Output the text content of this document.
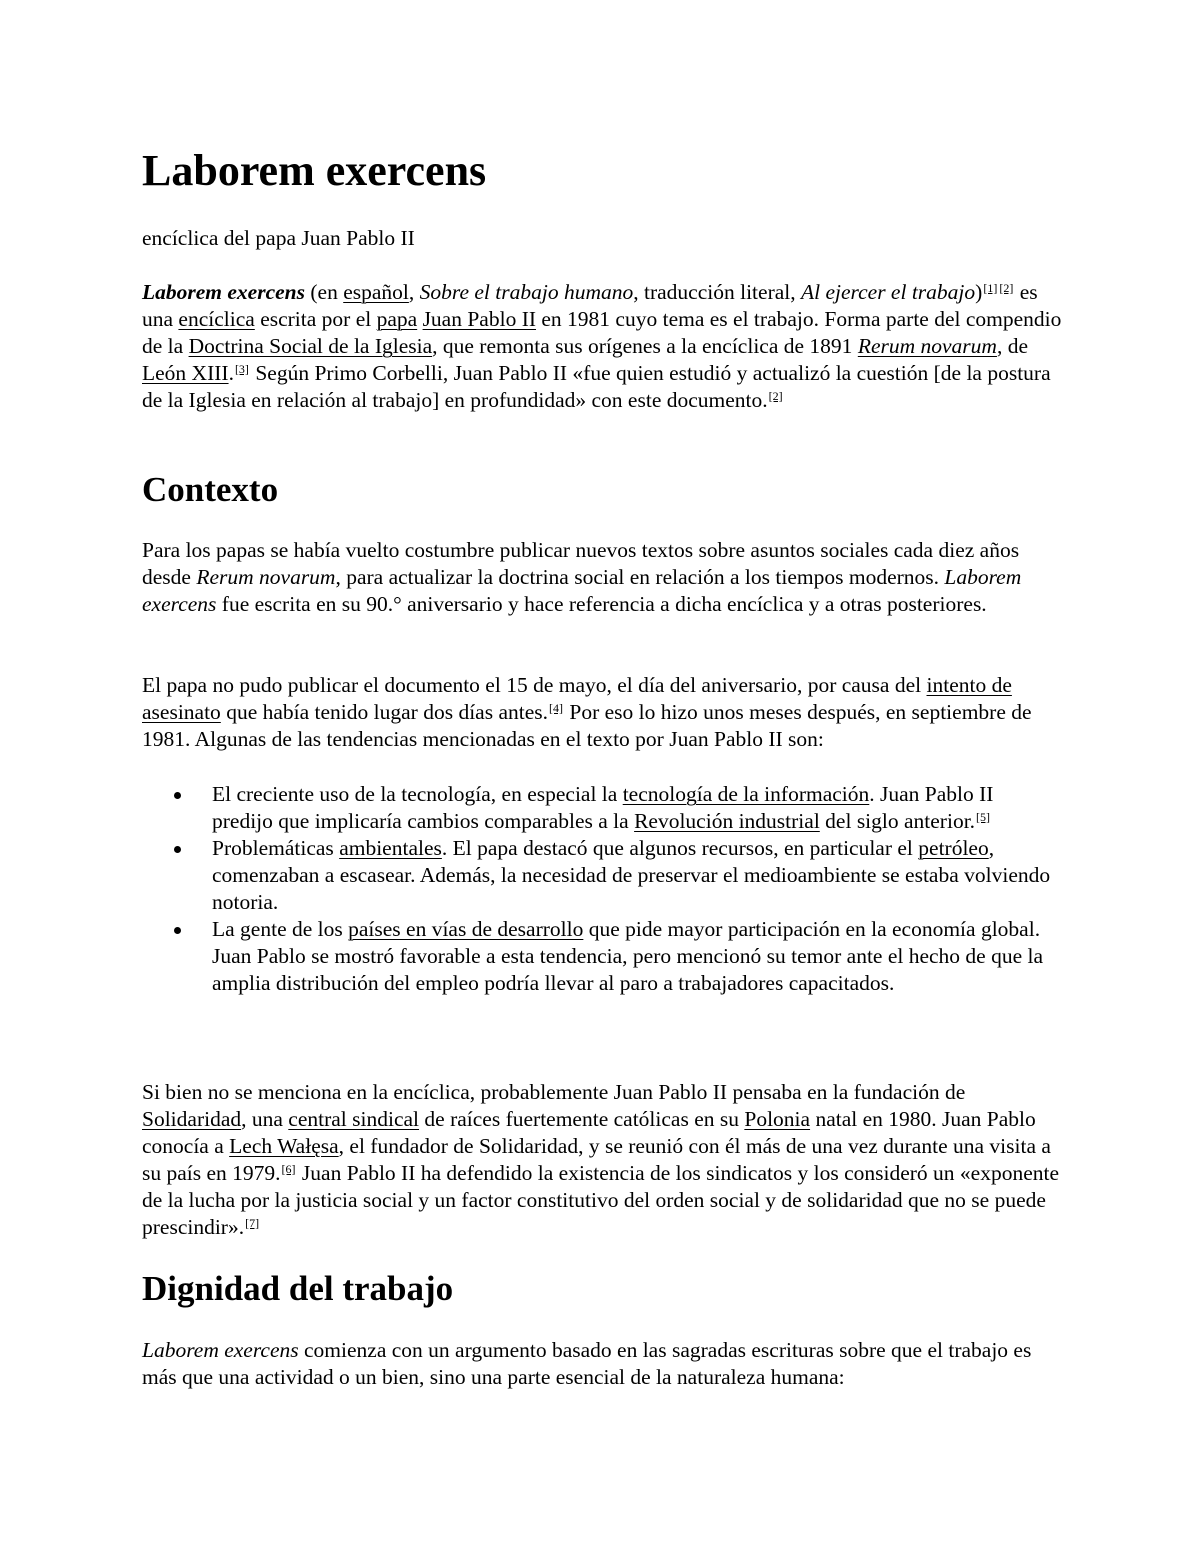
Laborem exercens

encíclica del papa Juan Pablo II

Laborem exercens (en español, Sobre el trabajo humano, traducción literal, Al ejercer el trabajo)[1] [2] es una encíclica escrita por el papa Juan Pablo II en 1981 cuyo tema es el trabajo. Forma parte del compendio de la Doctrina Social de la Iglesia, que remonta sus orígenes a la encíclica de 1891 Rerum novarum, de León XIII.[3] Según Primo Corbelli, Juan Pablo II «fue quien estudió y actualizó la cuestión [de la postura de la Iglesia en relación al trabajo] en profundidad» con este documento.[2]

Contexto

Para los papas se había vuelto costumbre publicar nuevos textos sobre asuntos sociales cada diez años desde Rerum novarum, para actualizar la doctrina social en relación a los tiempos modernos. Laborem exercens fue escrita en su 90.° aniversario y hace referencia a dicha encíclica y a otras posteriores.

El papa no pudo publicar el documento el 15 de mayo, el día del aniversario, por causa del intento de asesinato que había tenido lugar dos días antes.[4] Por eso lo hizo unos meses después, en septiembre de 1981. Algunas de las tendencias mencionadas en el texto por Juan Pablo II son:

El creciente uso de la tecnología, en especial la tecnología de la información. Juan Pablo II predijo que implicaría cambios comparables a la Revolución industrial del siglo anterior.[5]
Problemáticas ambientales. El papa destacó que algunos recursos, en particular el petróleo, comenzaban a escasear. Además, la necesidad de preservar el medioambiente se estaba volviendo notoria.
La gente de los países en vías de desarrollo que pide mayor participación en la economía global. Juan Pablo se mostró favorable a esta tendencia, pero mencionó su temor ante el hecho de que la amplia distribución del empleo podría llevar al paro a trabajadores capacitados.

Si bien no se menciona en la encíclica, probablemente Juan Pablo II pensaba en la fundación de Solidaridad, una central sindical de raíces fuertemente católicas en su Polonia natal en 1980. Juan Pablo conocía a Lech Wałęsa, el fundador de Solidaridad, y se reunió con él más de una vez durante una visita a su país en 1979.[6] Juan Pablo II ha defendido la existencia de los sindicatos y los consideró un «exponente de la lucha por la justicia social y un factor constitutivo del orden social y de solidaridad que no se puede prescindir».[7]

Dignidad del trabajo

Laborem exercens comienza con un argumento basado en las sagradas escrituras sobre que el trabajo es más que una actividad o un bien, sino una parte esencial de la naturaleza humana:
